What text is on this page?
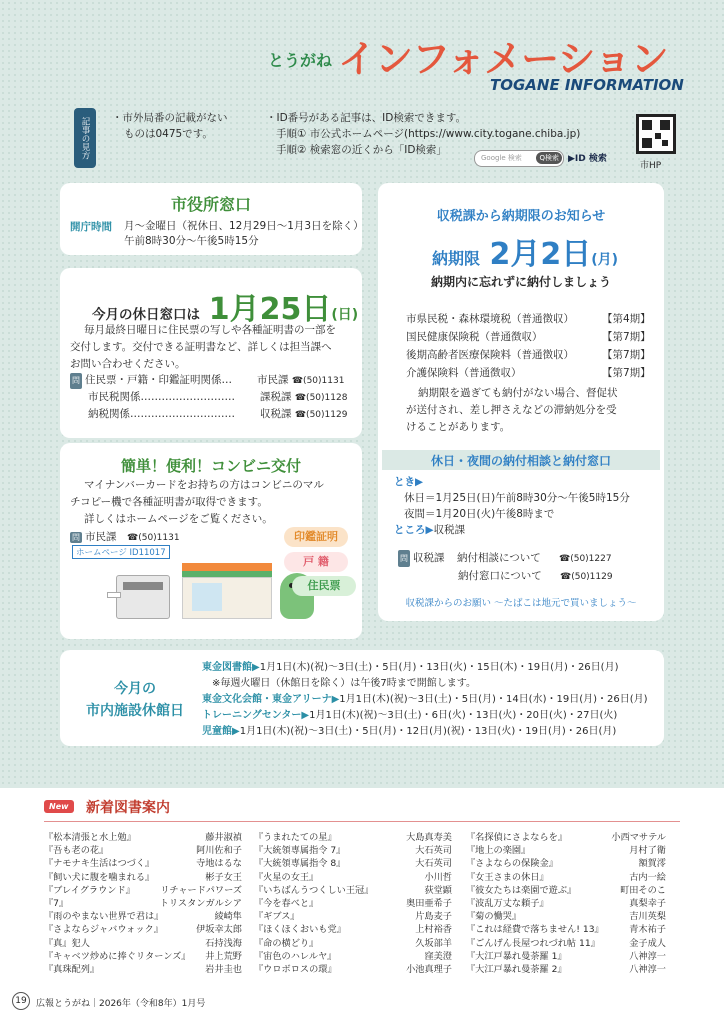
とうがね インフォメーション
TOGANE INFORMATION
記事の見方	・市外局番の記載がない
ものは0475です。
・ID番号がある記事は、ID検索できます。
手順① 市公式ホームページ(https://www.city.togane.chiba.jp)
手順② 検索窓の近くから「ID検索」
Google 検索	Q検索	▶ID 検索
市HP
市役所窓口
開庁時間 月～金曜日（祝休日、12月29日～1月3日を除く）
午前8時30分～午後5時15分
今月の休日窓口は 1月25日(日)
毎月最終日曜日に住民票の写しや各種証明書の一部を
交付します。交付できる証明書など、詳しくは担当課へ
お問い合わせください。
問 住民票・戸籍・印鑑証明関係… 市民課 ☎(50)1131
市民税関係……………………… 課税課 ☎(50)1128
納税関係………………………… 収税課 ☎(50)1129
簡単！便利！コンビニ交付
マイナンバーカードをお持ちの方はコンビニのマル
チコピー機で各種証明書が取得できます。
詳しくはホームページをご覧ください。
問 市民課　 ☎(50)1131
ホームページ ID11017
印鑑証明
戸 籍
住民票
収税課から納期限のお知らせ
納期限 2月2日(月)
納期内に忘れずに納付しましょう
市県民税・森林環境税（普通徴収）	【第4期】
国民健康保険税（普通徴収）	【第7期】
後期高齢者医療保険料（普通徴収）	【第7期】
介護保険料（普通徴収）	【第7期】
納期限を過ぎても納付がない場合、督促状
が送付され、差し押さえなどの滞納処分を受
けることがあります。
休日・夜間の納付相談と納付窓口
とき▶
休日＝1月25日(日)午前8時30分～午後5時15分
夜間＝1月20日(火)午後8時まで
ところ▶収税課
問 収税課 納付相談について ☎(50)1227
納付窓口について ☎(50)1129
収税課からのお願い ～たばこは地元で買いましょう～
今月の
市内施設休館日
東金図書館▶1月1日(木)(祝)～3日(土)・5日(月)・13日(火)・15日(木)・19日(月)・26日(月)
※毎週火曜日（休館日を除く）は午後7時まで開館します。
東金文化会館・東金アリーナ▶1月1日(木)(祝)～3日(土)・5日(月)・14日(水)・19日(月)・26日(月)
トレーニングセンター▶1月1日(木)(祝)～3日(土)・6日(火)・13日(火)・20日(火)・27日(火)
児童館▶1月1日(木)(祝)～3日(土)・5日(月)・12日(月)(祝)・13日(火)・19日(月)・26日(月)
New	新着図書案内
『松本清張と水上勉』	藤井淑禎
『吾も老の花』	阿川佐和子
『ナモナキ生活はつづく』	寺地はるな
『飼い犬に腹を噛まれる』	彬子女王
『ブレイグラウンド』	リチャードパワーズ
『7』	トリスタンガルシア
『雨のやまない世界で君は』	綾崎隼
『さよならジャバウォック』	伊坂幸太郎
『真』犯人	石持浅海
『キャベツ炒めに捧ぐリターンズ』 井上荒野
『真珠配列』	岩井圭也
『うまれたての星』	大島真寿美
『大統領専属指令 7』	大石英司
『大統領専属指令 8』	大石英司
『火星の女王』	小川哲
『いちばんうつくしい王冠』	荻堂顕
『今を春べと』	奥田亜希子
『ギブス』	片島麦子
『ほくほくおいも党』	上村裕香
『命の横どり』	久坂部羊
『宙色のハレルヤ』	窪美澄
『ウロボロスの環』	小池真理子
『名探偵にさよならを』	小西マサテル
『地上の楽園』	月村了衛
『さよならの保険金』	額賀澪
『女王さまの休日』	古内一絵
『彼女たちは楽園で遊ぶ』	町田そのこ
『波乱万丈な頼子』	真梨幸子
『菊の慟哭』	吉川英梨
『これは経費で落ちません! 13』	青木祐子
『ごんげん長屋つれづれ帖 11』	金子成人
『大江戸暴れ曼荼羅 1』	八神淳一
『大江戸暴れ曼荼羅 2』	八神淳一
19	広報とうがね｜2026年（令和8年）1月号
